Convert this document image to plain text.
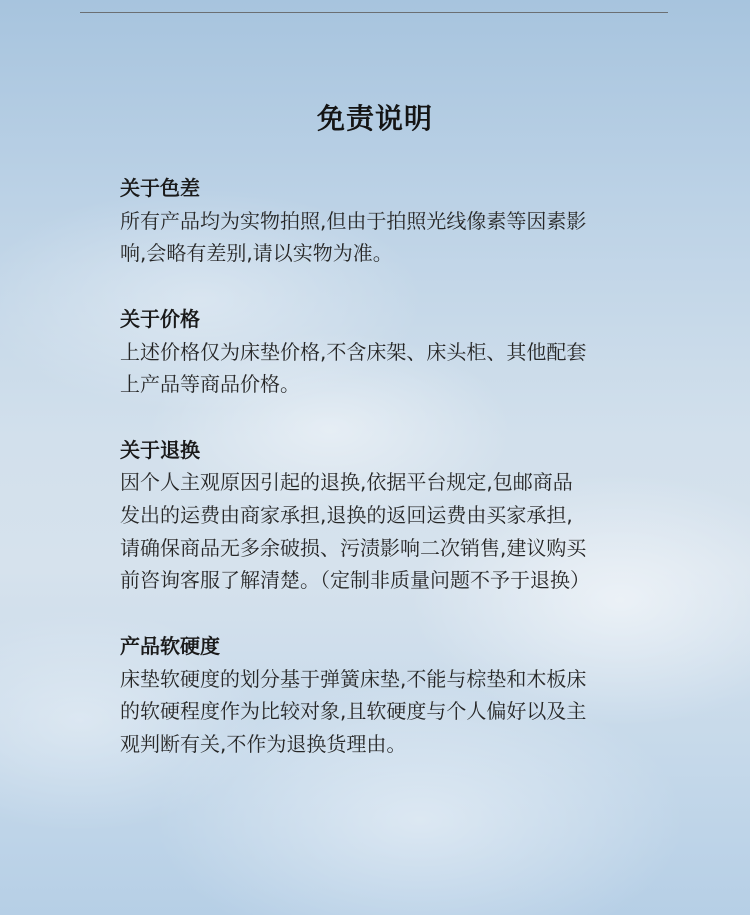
免责说明
关于色差
所有产品均为实物拍照,但由于拍照光线像素等因素影
响,会略有差别,请以实物为准。
关于价格
上述价格仅为床垫价格,不含床架、床头柜、其他配套
上产品等商品价格。
关于退换
因个人主观原因引起的退换,依据平台规定,包邮商品
发出的运费由商家承担,退换的返回运费由买家承担,
请确保商品无多余破损、污渍影响二次销售,建议购买
前咨询客服了解清楚。（定制非质量问题不予于退换）
产品软硬度
床垫软硬度的划分基于弹簧床垫,不能与棕垫和木板床
的软硬程度作为比较对象,且软硬度与个人偏好以及主
观判断有关,不作为退换货理由。
